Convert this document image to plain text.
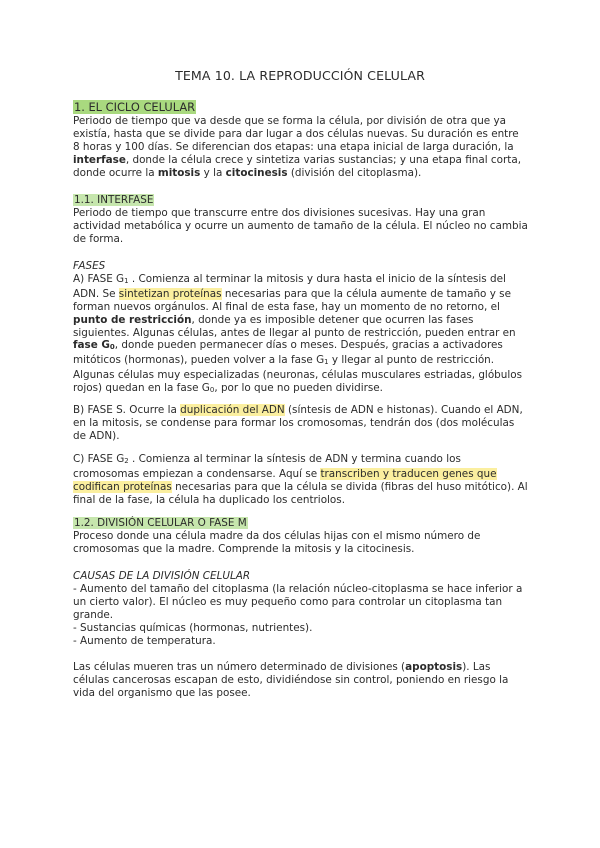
TEMA 10. LA REPRODUCCIÓN CELULAR

1. EL CICLO CELULAR

Periodo de tiempo que va desde que se forma la célula, por división de otra que ya existía, hasta que se divide para dar lugar a dos células nuevas. Su duración es entre 8 horas y 100 días. Se diferencian dos etapas: una etapa inicial de larga duración, la interfase, donde la célula crece y sintetiza varias sustancias; y una etapa final corta, donde ocurre la mitosis y la citocinesis (división del citoplasma).

1.1. INTERFASE

Periodo de tiempo que transcurre entre dos divisiones sucesivas. Hay una gran actividad metabólica y ocurre un aumento de tamaño de la célula. El núcleo no cambia de forma.

FASES

A) FASE G1 . Comienza al terminar la mitosis y dura hasta el inicio de la síntesis del ADN. Se sintetizan proteínas necesarias para que la célula aumente de tamaño y se forman nuevos orgánulos. Al final de esta fase, hay un momento de no retorno, el punto de restricción, donde ya es imposible detener que ocurren las fases siguientes. Algunas células, antes de llegar al punto de restricción, pueden entrar en fase G0, donde pueden permanecer días o meses. Después, gracias a activadores mitóticos (hormonas), pueden volver a la fase G1 y llegar al punto de restricción.

Algunas células muy especializadas (neuronas, células musculares estriadas, glóbulos rojos) quedan en la fase G0, por lo que no pueden dividirse.

B) FASE S. Ocurre la duplicación del ADN (síntesis de ADN e histonas). Cuando el ADN, en la mitosis, se condense para formar los cromosomas, tendrán dos (dos moléculas de ADN).

C) FASE G2 . Comienza al terminar la síntesis de ADN y termina cuando los cromosomas empiezan a condensarse. Aquí se transcriben y traducen genes que codifican proteínas necesarias para que la célula se divida (fibras del huso mitótico). Al final de la fase, la célula ha duplicado los centriolos.

1.2. DIVISIÓN CELULAR O FASE M

Proceso donde una célula madre da dos células hijas con el mismo número de cromosomas que la madre. Comprende la mitosis y la citocinesis.

CAUSAS DE LA DIVISIÓN CELULAR

- Aumento del tamaño del citoplasma (la relación núcleo-citoplasma se hace inferior a un cierto valor). El núcleo es muy pequeño como para controlar un citoplasma tan grande.

- Sustancias químicas (hormonas, nutrientes).

- Aumento de temperatura.

Las células mueren tras un número determinado de divisiones (apoptosis). Las células cancerosas escapan de esto, dividiéndose sin control, poniendo en riesgo la vida del organismo que las posee.
